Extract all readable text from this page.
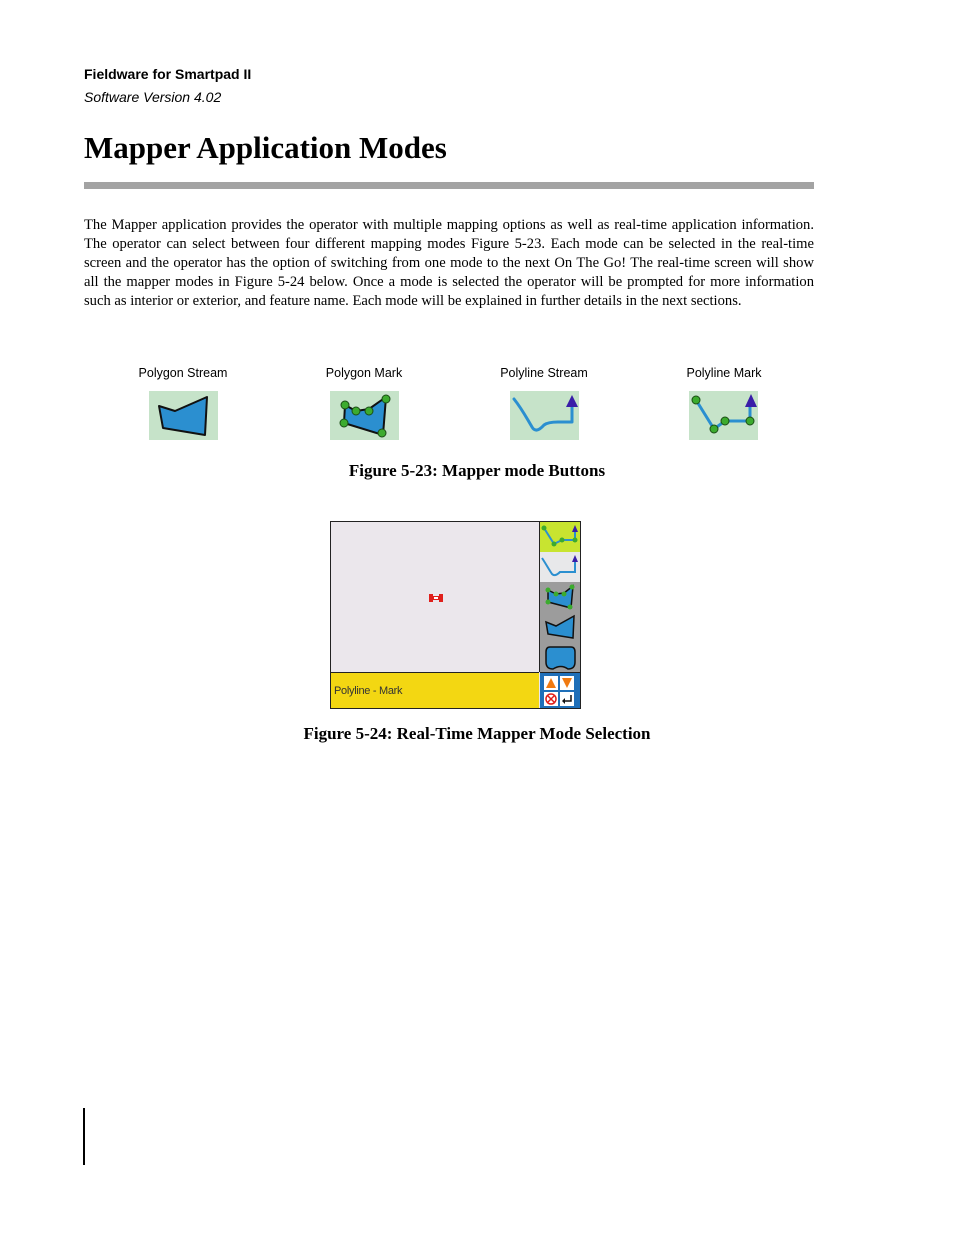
Fieldware for Smartpad II
Software Version 4.02
Mapper Application Modes

The Mapper application provides the operator with multiple mapping options as well as real-time application information. The operator can select between four different mapping modes Figure 5-23. Each mode can be selected in the real-time screen and the operator has the option of switching from one mode to the next On The Go! The real-time screen will show all the mapper modes in Figure 5-24 below. Once a mode is selected the operator will be prompted for more information such as interior or exterior, and feature name. Each mode will be explained in further details in the next sections.

Polygon Stream	Polygon Mark	Polyline Stream	Polyline Mark
Figure 5-23: Mapper mode Buttons
Polyline - Mark
Figure 5-24: Real-Time Mapper Mode Selection
